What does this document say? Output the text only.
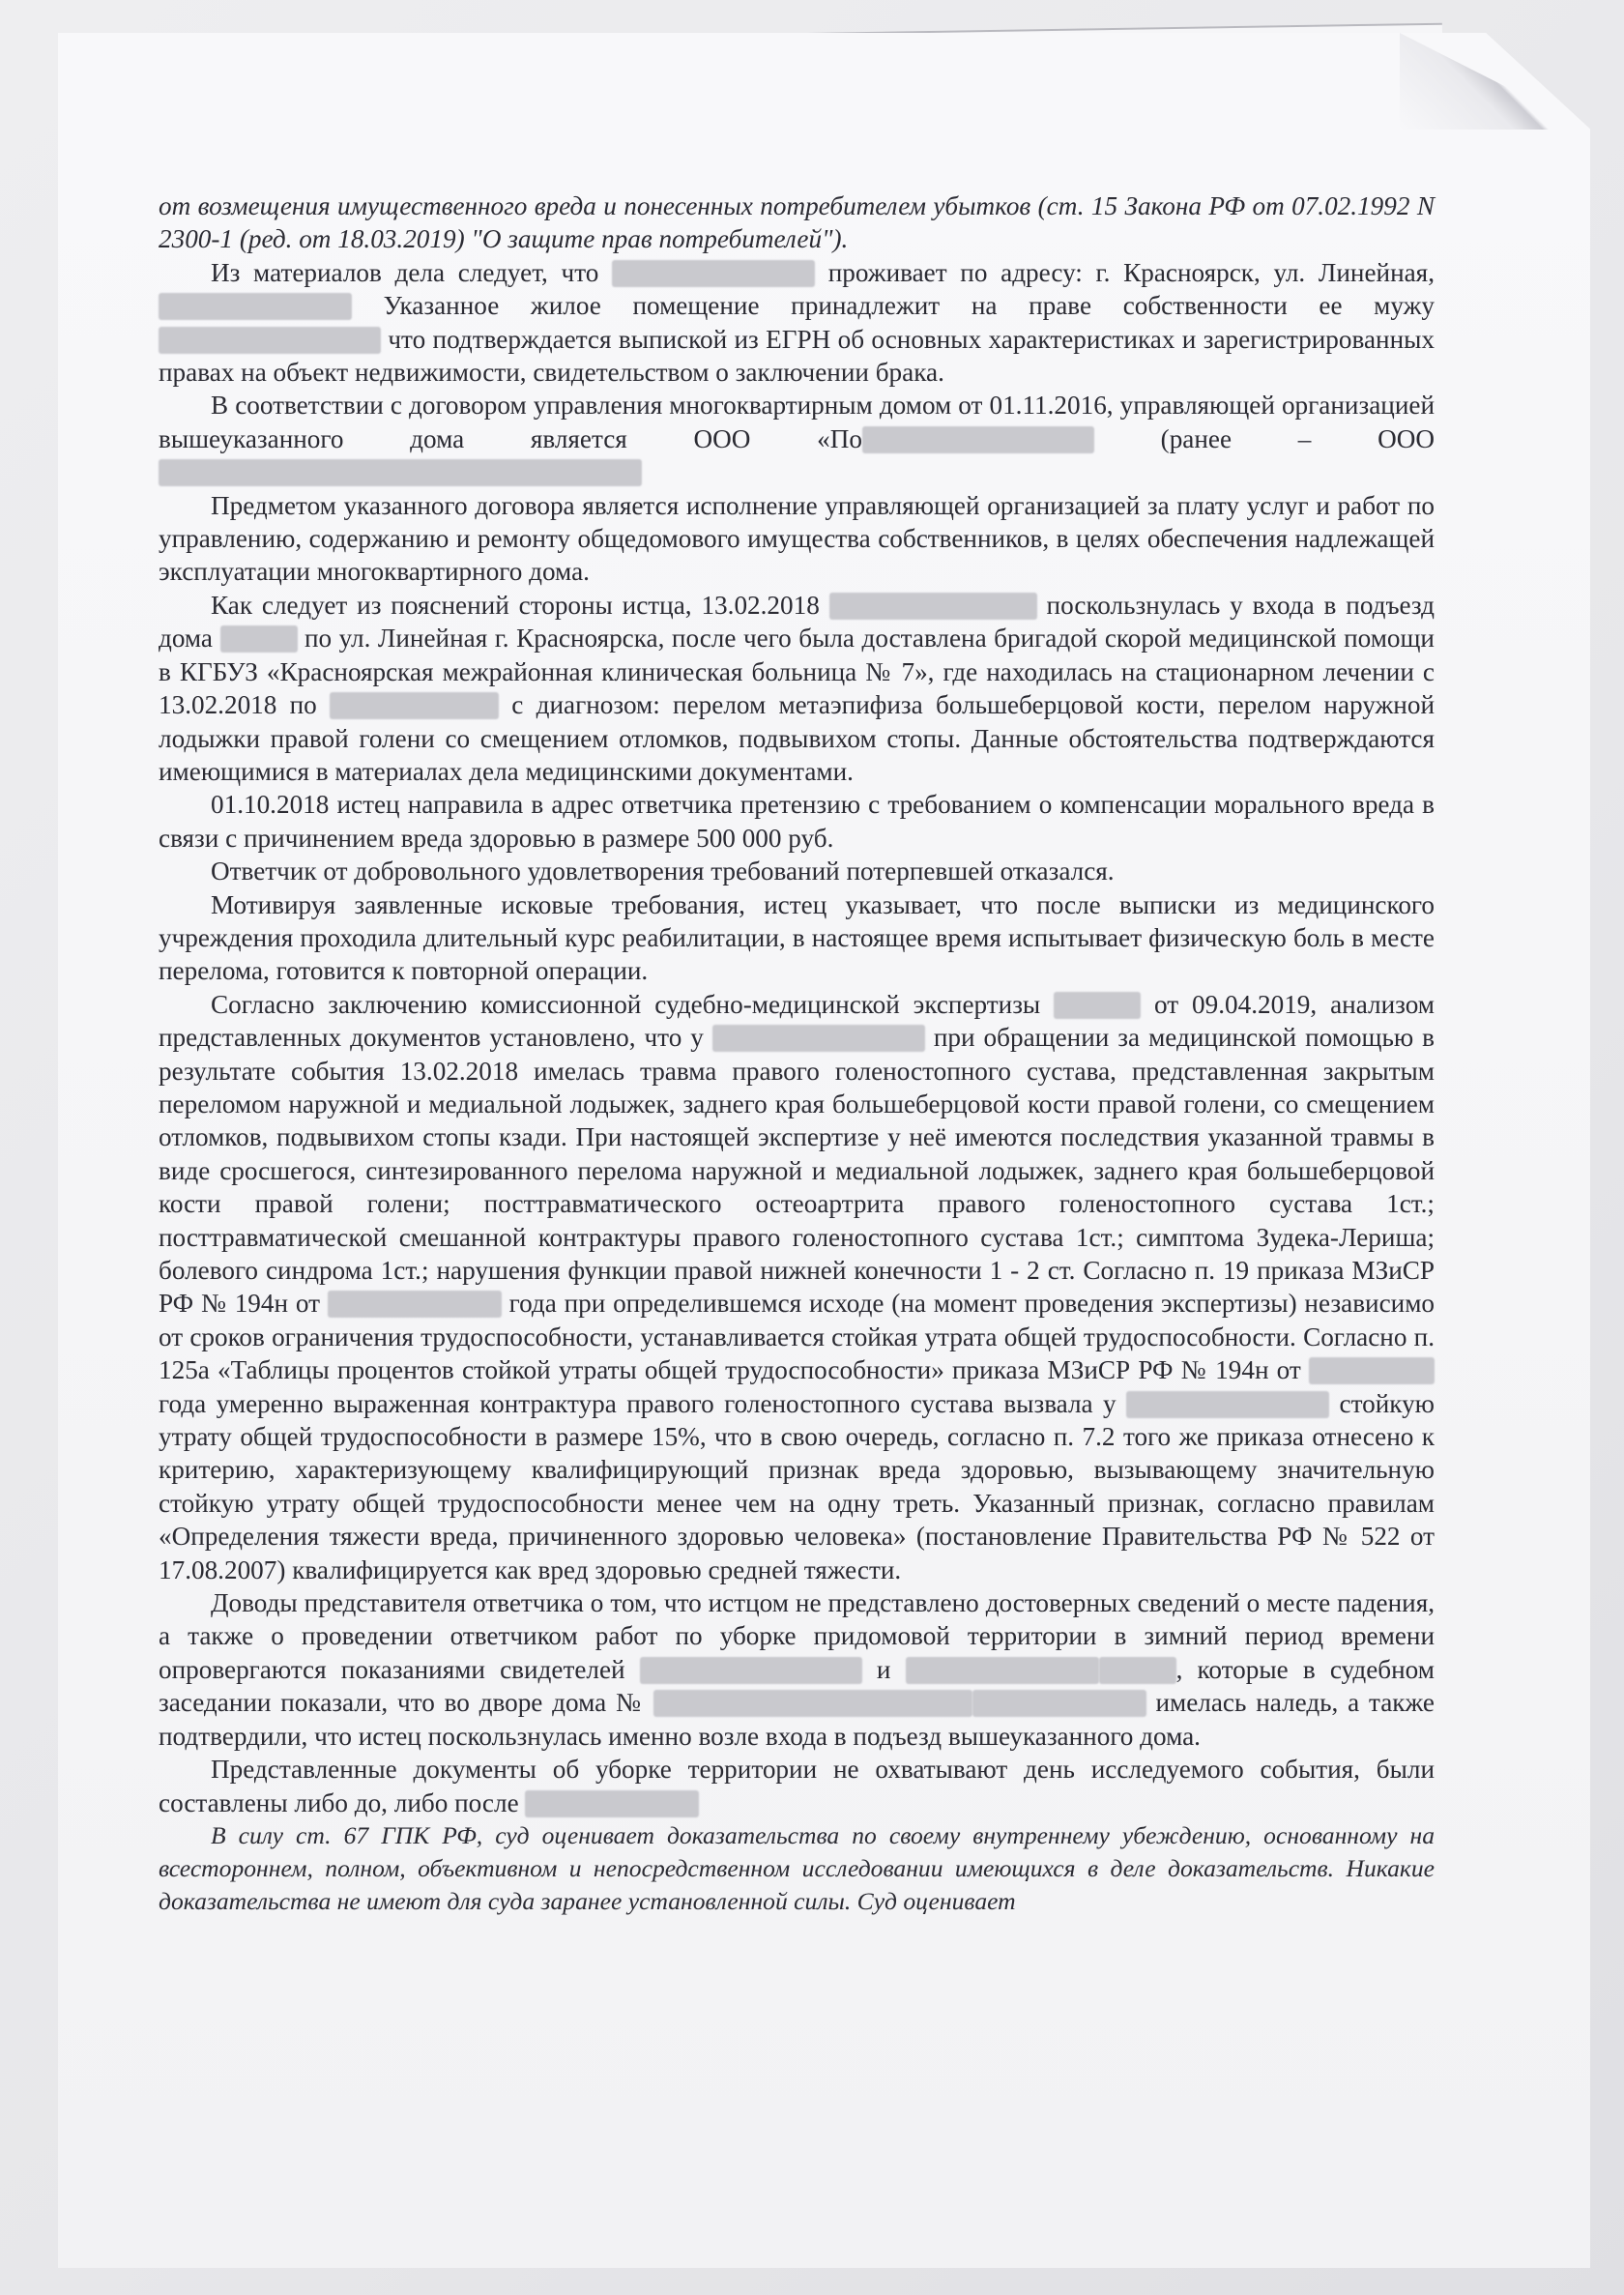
от возмещения имущественного вреда и понесенных потребителем убытков (ст. 15 Закона РФ от 07.02.1992 N 2300-1 (ред. от 18.03.2019) "О защите прав потребителей").

Из материалов дела следует, что	проживает по адресу: г. Красноярск, ул. Линейная,  Указанное жилое помещение принадлежит на праве собственности ее мужу  что подтверждается выпиской из ЕГРН об основных характеристиках и зарегистрированных правах на объект недвижимости, свидетельством о заключении брака.

В соответствии с договором управления многоквартирным домом от 01.11.2016, управляющей организацией вышеуказанного дома является ООО «По	(ранее – ООО

Предметом указанного договора является исполнение управляющей организацией за плату услуг и работ по управлению, содержанию и ремонту общедомового имущества собственников, в целях обеспечения надлежащей эксплуатации многоквартирного дома.

Как следует из пояснений стороны истца, 13.02.2018	поскользнулась у входа в подъезд дома	по ул. Линейная г. Красноярска, после чего была доставлена бригадой скорой медицинской помощи в КГБУЗ «Красноярская межрайонная клиническая больница № 7», где находилась на стационарном лечении с 13.02.2018 по	с диагнозом: перелом метаэпифиза большеберцовой кости, перелом наружной лодыжки правой голени со смещением отломков, подвывихом стопы. Данные обстоятельства подтверждаются имеющимися в материалах дела медицинскими документами.

01.10.2018 истец направила в адрес ответчика претензию с требованием о компенсации морального вреда в связи с причинением вреда здоровью в размере 500 000 руб.

Ответчик от добровольного удовлетворения требований потерпевшей отказался.

Мотивируя заявленные исковые требования, истец указывает, что после выписки из медицинского учреждения проходила длительный курс реабилитации, в настоящее время испытывает физическую боль в месте перелома, готовится к повторной операции.

Согласно заключению комиссионной судебно-медицинской экспертизы	от 09.04.2019, анализом представленных документов установлено, что у	при обращении за медицинской помощью в результате события 13.02.2018 имелась травма правого голеностопного сустава, представленная закрытым переломом наружной и медиальной лодыжек, заднего края большеберцовой кости правой голени, со смещением отломков, подвывихом стопы кзади. При настоящей экспертизе у неё имеются последствия указанной травмы в виде сросшегося, синтезированного перелома наружной и медиальной лодыжек, заднего края большеберцовой кости правой голени; посттравматического остеоартрита правого голеностопного сустава 1ст.; посттравматической смешанной контрактуры правого голеностопного сустава 1ст.; симптома Зудека-Лериша; болевого синдрома 1ст.; нарушения функции правой нижней конечности 1 - 2 ст. Согласно п. 19 приказа МЗиСР РФ № 194н от	года при определившемся исходе (на момент проведения экспертизы) независимо от сроков ограничения трудоспособности, устанавливается стойкая утрата общей трудоспособности. Согласно п. 125а «Таблицы процентов стойкой утраты общей трудоспособности» приказа МЗиСР РФ № 194н от  года умеренно выраженная контрактура правого голеностопного сустава вызвала у	стойкую утрату общей трудоспособности в размере 15%, что в свою очередь, согласно п. 7.2 того же приказа отнесено к критерию, характеризующему квалифицирующий признак вреда здоровью, вызывающему значительную стойкую утрату общей трудоспособности менее чем на одну треть. Указанный признак, согласно правилам «Определения тяжести вреда, причиненного здоровью человека» (постановление Правительства РФ № 522 от 17.08.2007) квалифицируется как вред здоровью средней тяжести.

Доводы представителя ответчика о том, что истцом не представлено достоверных сведений о месте падения, а также о проведении ответчиком работ по уборке придомовой территории в зимний период времени опровергаются показаниями свидетелей	и	, которые в судебном заседании показали, что во дворе дома №	имелась наледь, а также подтвердили, что истец поскользнулась именно возле входа в подъезд вышеуказанного дома.

Представленные документы об уборке территории не охватывают день исследуемого события, были составлены либо до, либо после

В силу ст. 67 ГПК РФ, суд оценивает доказательства по своему внутреннему убеждению, основанному на всестороннем, полном, объективном и непосредственном исследовании имеющихся в деле доказательств. Никакие доказательства не имеют для суда заранее установленной силы. Суд оценивает
